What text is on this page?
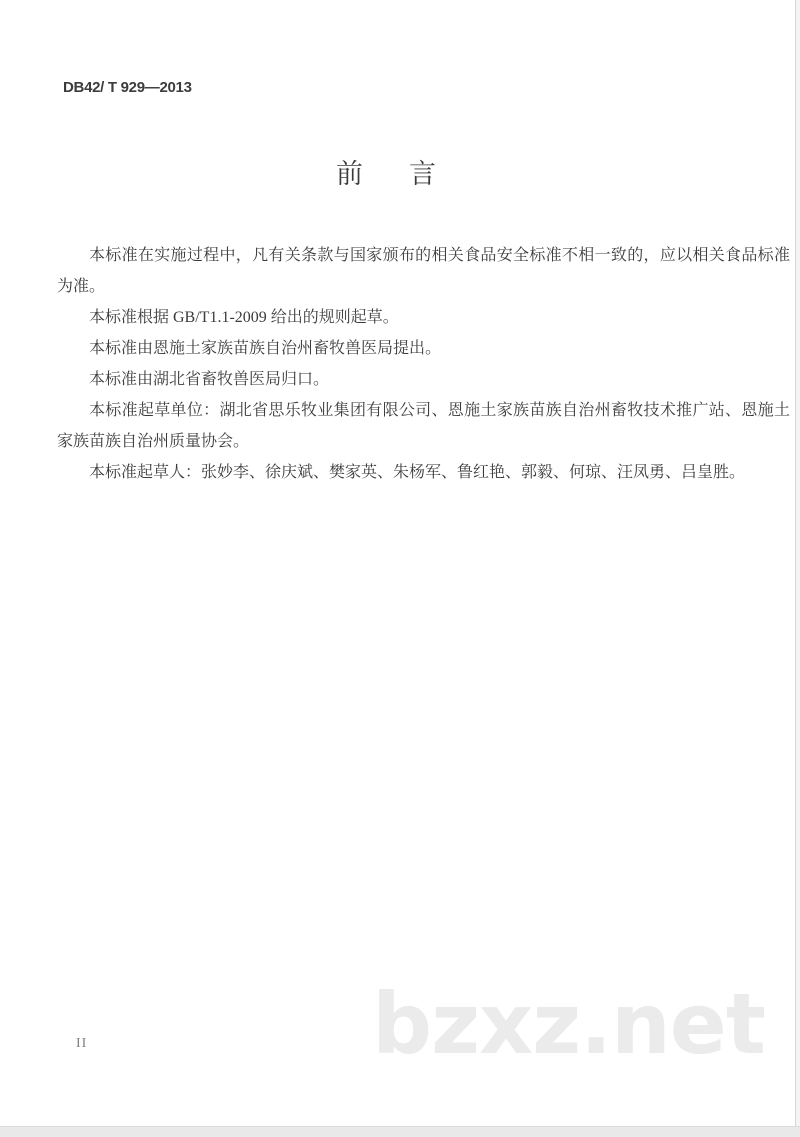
bzxz.net
DB42/ T 929—2013
前 言

本标准在实施过程中，凡有关条款与国家颁布的相关食品安全标准不相一致的，应以相关食品标准为准。

本标准根据 GB/T1.1-2009 给出的规则起草。

本标准由恩施土家族苗族自治州畜牧兽医局提出。

本标准由湖北省畜牧兽医局归口。

本标准起草单位：湖北省思乐牧业集团有限公司、恩施土家族苗族自治州畜牧技术推广站、恩施土家族苗族自治州质量协会。

本标准起草人：张妙李、徐庆斌、樊家英、朱杨军、鲁红艳、郭毅、何琼、汪凤勇、吕皇胜。

II
